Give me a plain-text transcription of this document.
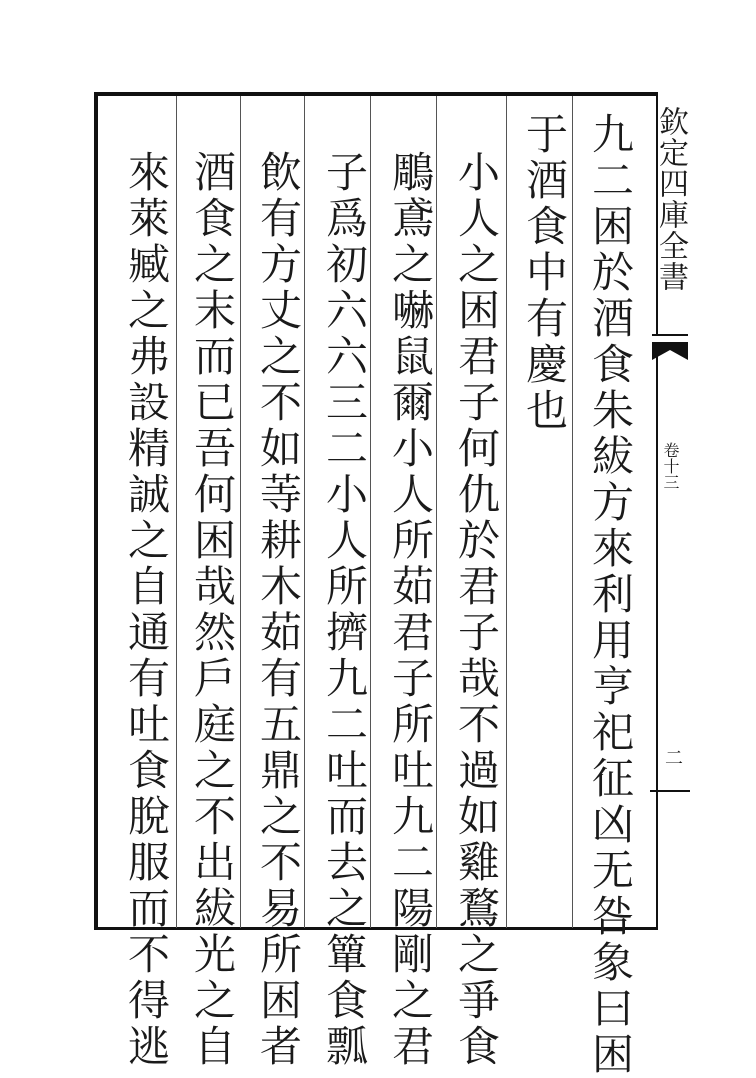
九二困於酒食朱紱方來利用亨祀征凶无咎象曰困
于酒食中有慶也
小人之困君子何仇於君子哉不過如雞鶩之爭食
鵰鳶之嚇鼠爾小人所茹君子所吐九二陽剛之君
子爲初六六三二小人所擠九二吐而去之簞食瓢
飲有方丈之不如䓁耕木茹有五鼎之不易所困者
酒食之末而已吾何困哉然戶庭之不出紱光之自
來萊臧之弗設精誠之自通有吐食脫服而不得逃	欽定四庫全書
卷十三
二
